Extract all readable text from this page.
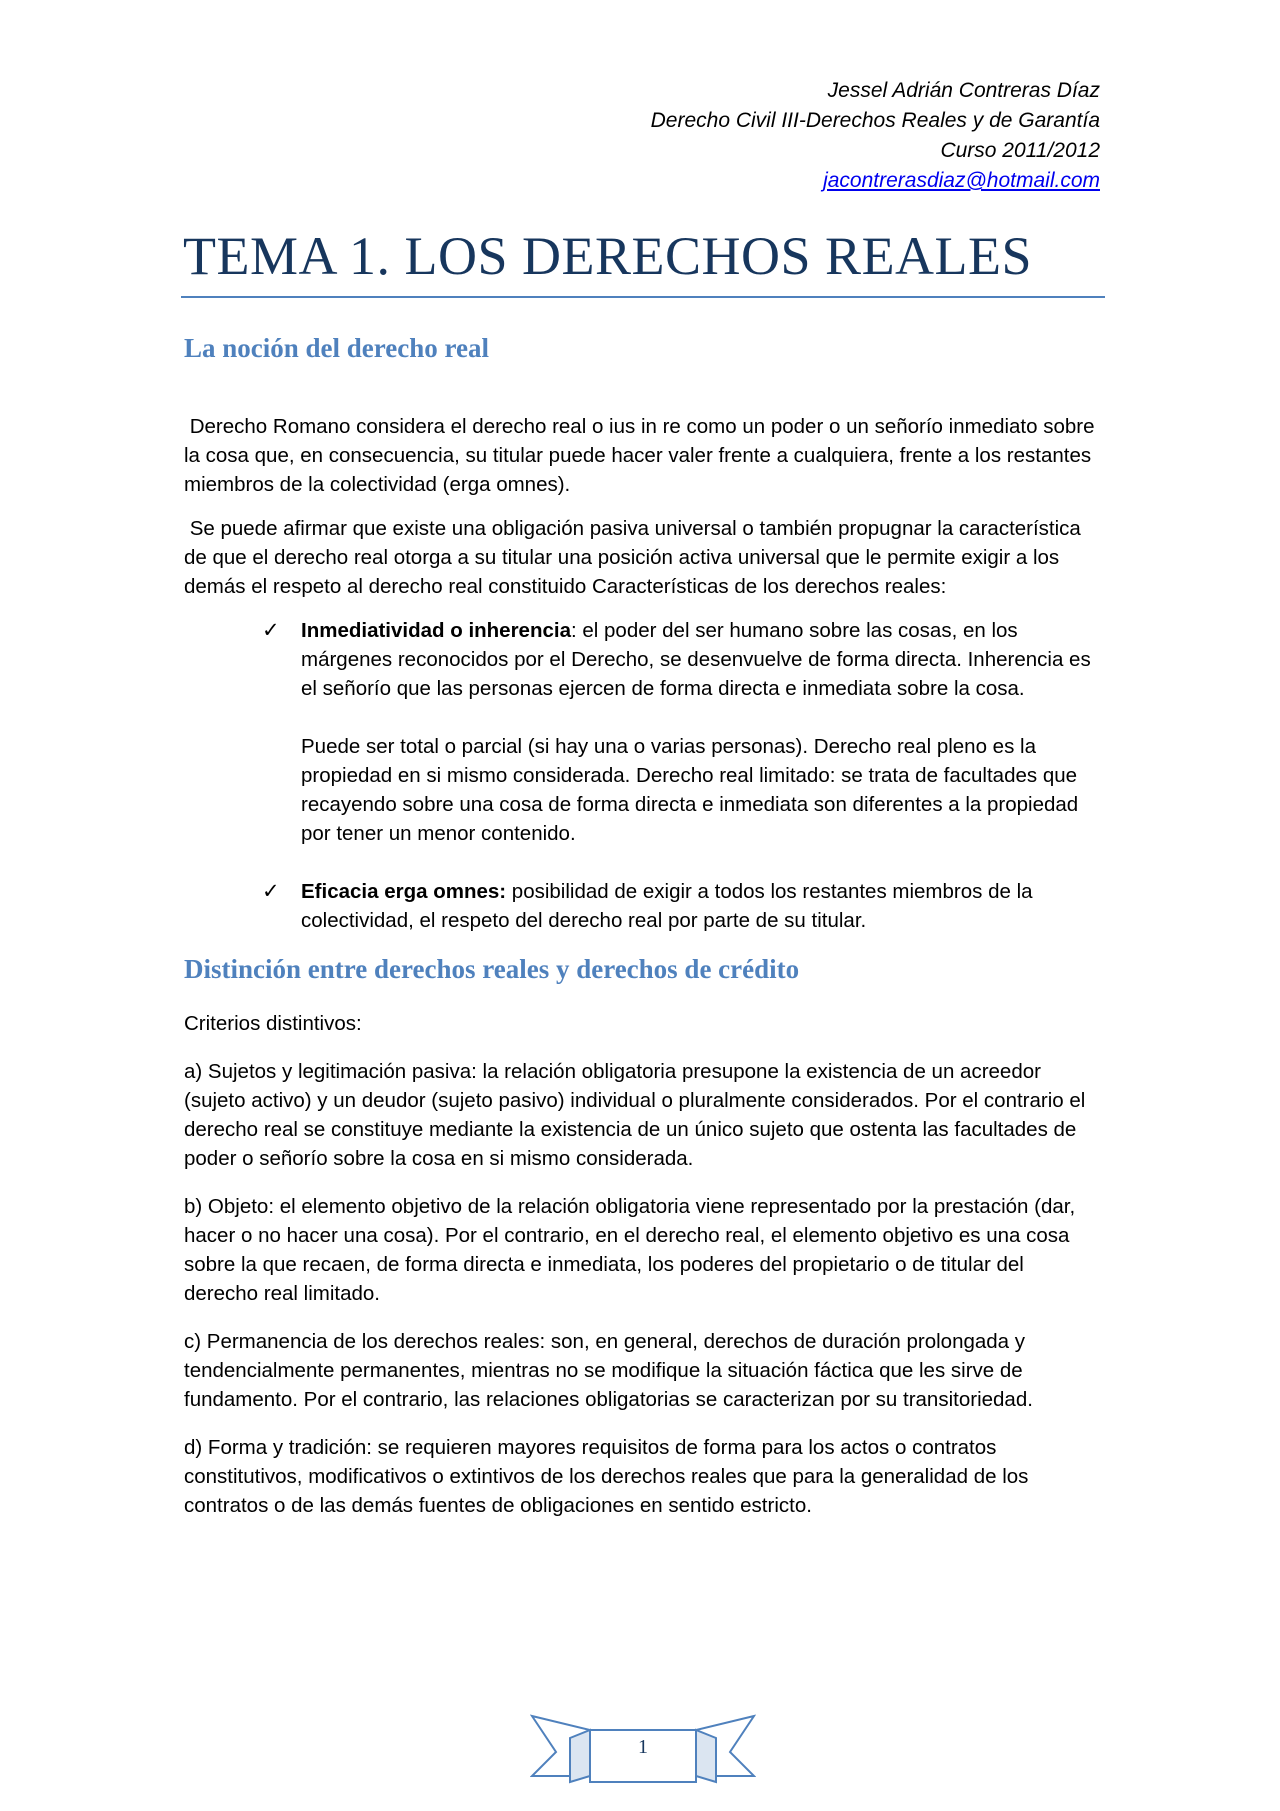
Jessel Adrián Contreras Díaz
Derecho Civil III-Derechos Reales y de Garantía
Curso 2011/2012
jacontrerasdiaz@hotmail.com
TEMA 1. LOS DERECHOS REALES
La noción del derecho real

Derecho Romano considera el derecho real o ius in re como un poder o un señorío inmediato sobre la cosa que, en consecuencia, su titular puede hacer valer frente a cualquiera, frente a los restantes miembros de la colectividad (erga omnes).

Se puede afirmar que existe una obligación pasiva universal o también propugnar la característica de que el derecho real otorga a su titular una posición activa universal que le permite exigir a los demás el respeto al derecho real constituido Características de los derechos reales:

✓ Inmediatividad o inherencia: el poder del ser humano sobre las cosas, en los márgenes reconocidos por el Derecho, se desenvuelve de forma directa. Inherencia es el señorío que las personas ejercen de forma directa e inmediata sobre la cosa.

Puede ser total o parcial (si hay una o varias personas). Derecho real pleno es la propiedad en si mismo considerada. Derecho real limitado: se trata de facultades que recayendo sobre una cosa de forma directa e inmediata son diferentes a la propiedad por tener un menor contenido.

✓ Eficacia erga omnes: posibilidad de exigir a todos los restantes miembros de la colectividad, el respeto del derecho real por parte de su titular.
Distinción entre derechos reales y derechos de crédito

Criterios distintivos:

a) Sujetos y legitimación pasiva: la relación obligatoria presupone la existencia de un acreedor (sujeto activo) y un deudor (sujeto pasivo) individual o pluralmente considerados. Por el contrario el derecho real se constituye mediante la existencia de un único sujeto que ostenta las facultades de poder o señorío sobre la cosa en si mismo considerada.

b) Objeto: el elemento objetivo de la relación obligatoria viene representado por la prestación (dar, hacer o no hacer una cosa). Por el contrario, en el derecho real, el elemento objetivo es una cosa sobre la que recaen, de forma directa e inmediata, los poderes del propietario o de titular del derecho real limitado.

c) Permanencia de los derechos reales: son, en general, derechos de duración prolongada y tendencialmente permanentes, mientras no se modifique la situación fáctica que les sirve de fundamento. Por el contrario, las relaciones obligatorias se caracterizan por su transitoriedad.

d) Forma y tradición: se requieren mayores requisitos de forma para los actos o contratos constitutivos, modificativos o extintivos de los derechos reales que para la generalidad de los contratos o de las demás fuentes de obligaciones en sentido estricto.

1
